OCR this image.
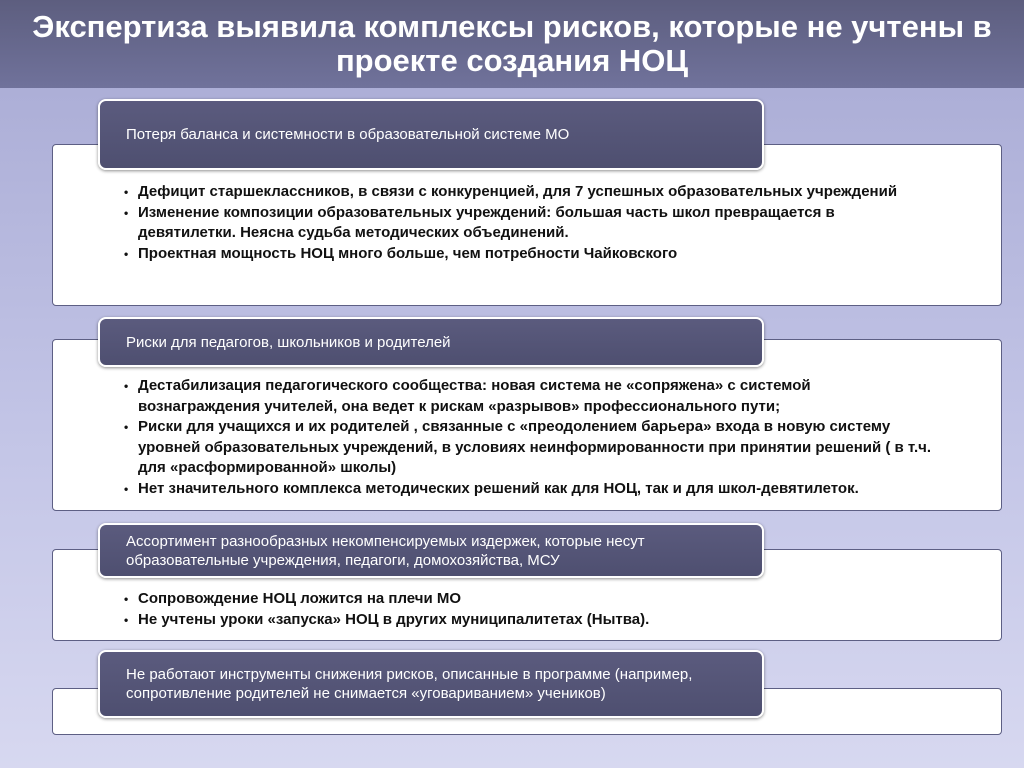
Экспертиза выявила комплексы рисков, которые не учтены в проекте создания НОЦ
Потеря баланса и системности в образовательной системе МО
• Дефицит старшеклассников, в связи с конкуренцией, для 7 успешных образовательных учреждений
• Изменение композиции образовательных учреждений: большая часть школ превращается в девятилетки. Неясна судьба методических объединений.
• Проектная мощность НОЦ много больше, чем потребности Чайковского
Риски для педагогов, школьников и родителей
• Дестабилизация педагогического сообщества: новая система не «сопряжена» с системой вознаграждения учителей, она ведет к рискам «разрывов» профессионального пути;
• Риски для учащихся и их родителей , связанные с «преодолением барьера» входа в новую систему уровней образовательных учреждений, в условиях неинформированности при принятии решений ( в т.ч. для «расформированной» школы)
• Нет значительного комплекса методических решений как для НОЦ, так и для школ-девятилеток.
Ассортимент разнообразных некомпенсируемых издержек, которые несут образовательные учреждения, педагоги, домохозяйства, МСУ
• Сопровождение НОЦ ложится на плечи МО
• Не учтены уроки «запуска» НОЦ в других муниципалитетах (Нытва).
Не работают инструменты снижения рисков, описанные в программе (например, сопротивление родителей не снимается «уговариванием» учеников)
